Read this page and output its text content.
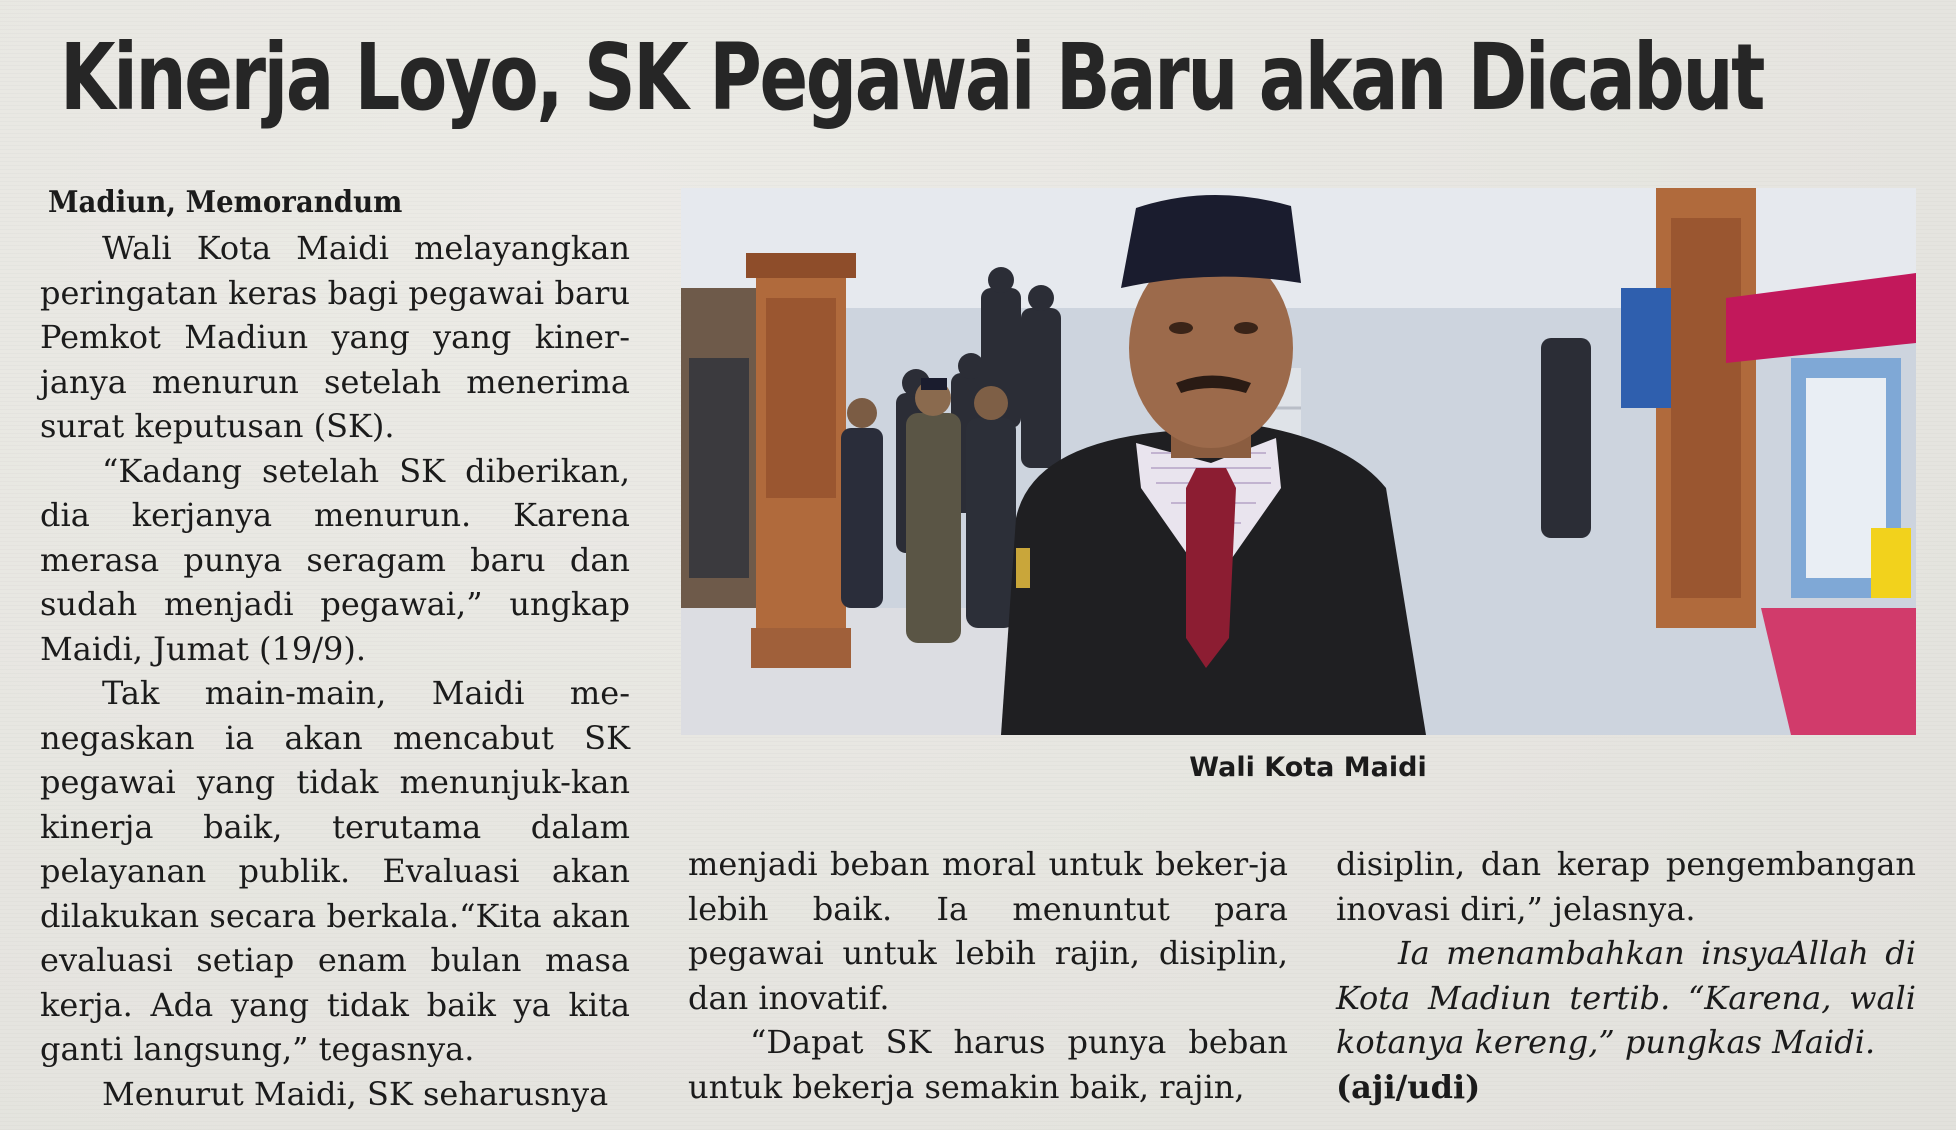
Kinerja Loyo, SK Pegawai Baru akan Dicabut
Madiun, Memorandum

Wali Kota Maidi melayangkan peringatan keras bagi pegawai baru Pemkot Madiun yang yang kiner-janya menurun setelah menerima surat keputusan (SK).

“Kadang setelah SK diberikan, dia kerjanya menurun. Karena merasa punya seragam baru dan sudah menjadi pegawai,” ungkap Maidi, Jumat (19/9).

Tak main-main, Maidi me-negaskan ia akan mencabut SK pegawai yang tidak menunjuk-kan kinerja baik, terutama dalam pelayanan publik. Evaluasi akan dilakukan secara berkala.“Kita akan evaluasi setiap enam bulan masa kerja. Ada yang tidak baik ya kita ganti langsung,” tegasnya.

Menurut Maidi, SK seharusnya

Wali Kota Maidi

menjadi beban moral untuk beker-ja lebih baik. Ia menuntut para pegawai untuk lebih rajin, disiplin, dan inovatif.

“Dapat SK harus punya beban untuk bekerja semakin baik, rajin,

disiplin, dan kerap pengembangan inovasi diri,” jelasnya.

Ia menambahkan insyaAllah di Kota Madiun tertib. “Karena, wali kotanya kereng,” pungkas Maidi.

(aji/udi)
